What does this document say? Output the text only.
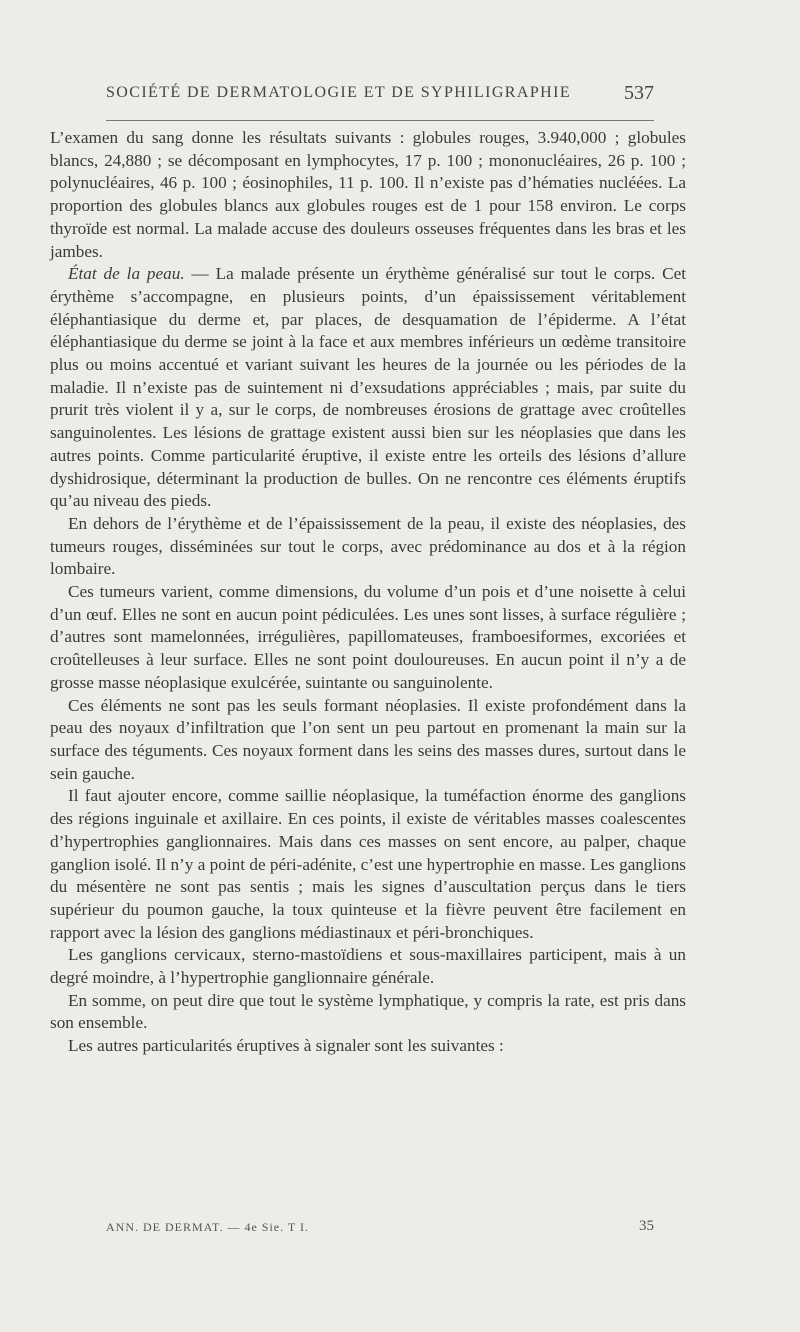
SOCIÉTÉ DE DERMATOLOGIE ET DE SYPHILIGRAPHIE	537

L’examen du sang donne les résultats suivants : globules rouges, 3.940,000 ; globules blancs, 24,880 ; se décomposant en lymphocytes, 17 p. 100 ; mononucléaires, 26 p. 100 ; polynucléaires, 46 p. 100 ; éosinophiles, 11 p. 100. Il n’existe pas d’hématies nucléées. La proportion des globules blancs aux globules rouges est de 1 pour 158 environ. Le corps thyroïde est normal. La malade accuse des douleurs osseuses fréquentes dans les bras et les jambes.

État de la peau. — La malade présente un érythème généralisé sur tout le corps. Cet érythème s’accompagne, en plusieurs points, d’un épaississement véritablement éléphantiasique du derme et, par places, de desquamation de l’épiderme. A l’état éléphantiasique du derme se joint à la face et aux membres inférieurs un œdème transitoire plus ou moins accentué et variant suivant les heures de la journée ou les périodes de la maladie. Il n’existe pas de suintement ni d’exsudations appréciables ; mais, par suite du prurit très violent il y a, sur le corps, de nombreuses érosions de grattage avec croûtelles sanguinolentes. Les lésions de grattage existent aussi bien sur les néoplasies que dans les autres points. Comme particularité éruptive, il existe entre les orteils des lésions d’allure dyshidrosique, déterminant la production de bulles. On ne rencontre ces éléments éruptifs qu’au niveau des pieds.

En dehors de l’érythème et de l’épaississement de la peau, il existe des néoplasies, des tumeurs rouges, disséminées sur tout le corps, avec prédominance au dos et à la région lombaire.

Ces tumeurs varient, comme dimensions, du volume d’un pois et d’une noisette à celui d’un œuf. Elles ne sont en aucun point pédiculées. Les unes sont lisses, à surface régulière ; d’autres sont mamelonnées, irrégulières, papillomateuses, framboesiformes, excoriées et croûtelleuses à leur surface. Elles ne sont point douloureuses. En aucun point il n’y a de grosse masse néoplasique exulcérée, suintante ou sanguinolente.

Ces éléments ne sont pas les seuls formant néoplasies. Il existe profondément dans la peau des noyaux d’infiltration que l’on sent un peu partout en promenant la main sur la surface des téguments. Ces noyaux forment dans les seins des masses dures, surtout dans le sein gauche.

Il faut ajouter encore, comme saillie néoplasique, la tuméfaction énorme des ganglions des régions inguinale et axillaire. En ces points, il existe de véritables masses coalescentes d’hypertrophies ganglionnaires. Mais dans ces masses on sent encore, au palper, chaque ganglion isolé. Il n’y a point de péri-adénite, c’est une hypertrophie en masse. Les ganglions du mésentère ne sont pas sentis ; mais les signes d’auscultation perçus dans le tiers supérieur du poumon gauche, la toux quinteuse et la fièvre peuvent être facilement en rapport avec la lésion des ganglions médiastinaux et péri-bronchiques.

Les ganglions cervicaux, sterno-mastoïdiens et sous-maxillaires participent, mais à un degré moindre, à l’hypertrophie ganglionnaire générale.

En somme, on peut dire que tout le système lymphatique, y compris la rate, est pris dans son ensemble.

Les autres particularités éruptives à signaler sont les suivantes :

ANN. DE DERMAT. — 4e Sie. T I.	35
